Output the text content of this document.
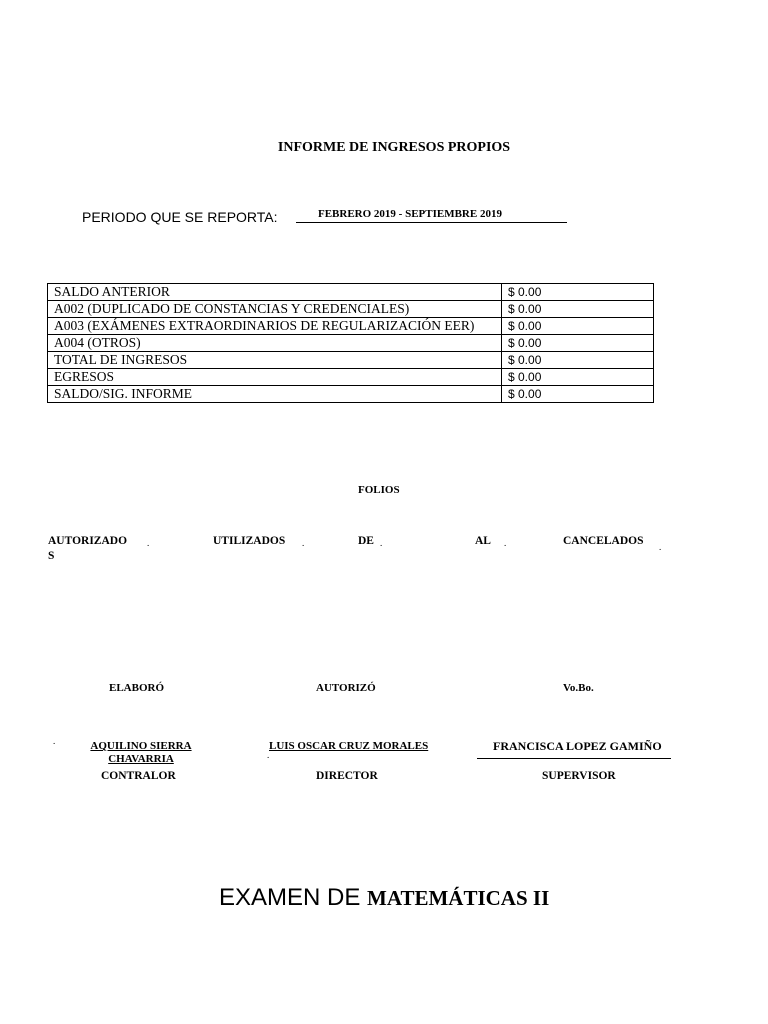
INFORME DE INGRESOS PROPIOS
PERIODO QUE SE REPORTA:	FEBRERO 2019 - SEPTIEMBRE 2019
SALDO ANTERIOR	$ 0.00
A002 (DUPLICADO DE CONSTANCIAS Y CREDENCIALES)	$ 0.00
A003 (EXÁMENES EXTRAORDINARIOS DE REGULARIZACIÓN EER)	$ 0.00
A004 (OTROS)	$ 0.00
TOTAL DE INGRESOS	$ 0.00
EGRESOS	$ 0.00
SALDO/SIG. INFORME	$ 0.00
FOLIOS
AUTORIZADO
S
.	UTILIZADOS .	DE .	AL .	CANCELADOS .
ELABORÓ	AUTORIZÓ	Vo.Bo.
.	AQUILINO SIERRA
CHAVARRIA
LUIS OSCAR CRUZ MORALES
.
FRANCISCA LOPEZ GAMIÑO
CONTRALOR	DIRECTOR	SUPERVISOR
EXAMEN DE MATEMÁTICAS II
